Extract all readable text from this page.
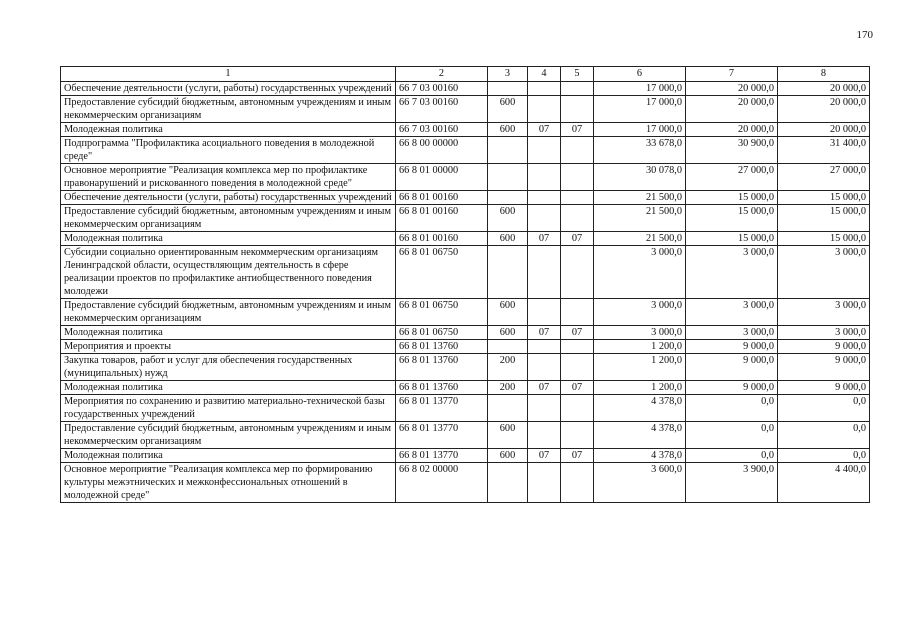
170
1	2	3	4	5	6	7	8
Обеспечение деятельности (услуги, работы) государственных учреждений	66 7 03 00160				17 000,0	20 000,0	20 000,0
Предоставление субсидий бюджетным, автономным учреждениям и иным некоммерческим организациям	66 7 03 00160	600			17 000,0	20 000,0	20 000,0
Молодежная политика	66 7 03 00160	600	07	07	17 000,0	20 000,0	20 000,0
Подпрограмма "Профилактика асоциального поведения в молодежной среде"	66 8 00 00000				33 678,0	30 900,0	31 400,0
Основное мероприятие "Реализация комплекса мер по профилактике правонарушений и рискованного поведения в молодежной среде"	66 8 01 00000				30 078,0	27 000,0	27 000,0
Обеспечение деятельности (услуги, работы) государственных учреждений	66 8 01 00160				21 500,0	15 000,0	15 000,0
Предоставление субсидий бюджетным, автономным учреждениям и иным некоммерческим организациям	66 8 01 00160	600			21 500,0	15 000,0	15 000,0
Молодежная политика	66 8 01 00160	600	07	07	21 500,0	15 000,0	15 000,0
Субсидии социально ориентированным некоммерческим организациям Ленинградской области, осуществляющим деятельность в сфере реализации проектов по профилактике антиобщественного поведения молодежи	66 8 01 06750				3 000,0	3 000,0	3 000,0
Предоставление субсидий бюджетным, автономным учреждениям и иным некоммерческим организациям	66 8 01 06750	600			3 000,0	3 000,0	3 000,0
Молодежная политика	66 8 01 06750	600	07	07	3 000,0	3 000,0	3 000,0
Мероприятия и проекты	66 8 01 13760				1 200,0	9 000,0	9 000,0
Закупка товаров, работ и услуг для обеспечения государственных (муниципальных) нужд	66 8 01 13760	200			1 200,0	9 000,0	9 000,0
Молодежная политика	66 8 01 13760	200	07	07	1 200,0	9 000,0	9 000,0
Мероприятия по сохранению и развитию материально-технической базы государственных учреждений	66 8 01 13770				4 378,0	0,0	0,0
Предоставление субсидий бюджетным, автономным учреждениям и иным некоммерческим организациям	66 8 01 13770	600			4 378,0	0,0	0,0
Молодежная политика	66 8 01 13770	600	07	07	4 378,0	0,0	0,0
Основное мероприятие "Реализация комплекса мер по формированию культуры межэтнических и межконфессиональных отношений в молодежной среде"	66 8 02 00000				3 600,0	3 900,0	4 400,0
